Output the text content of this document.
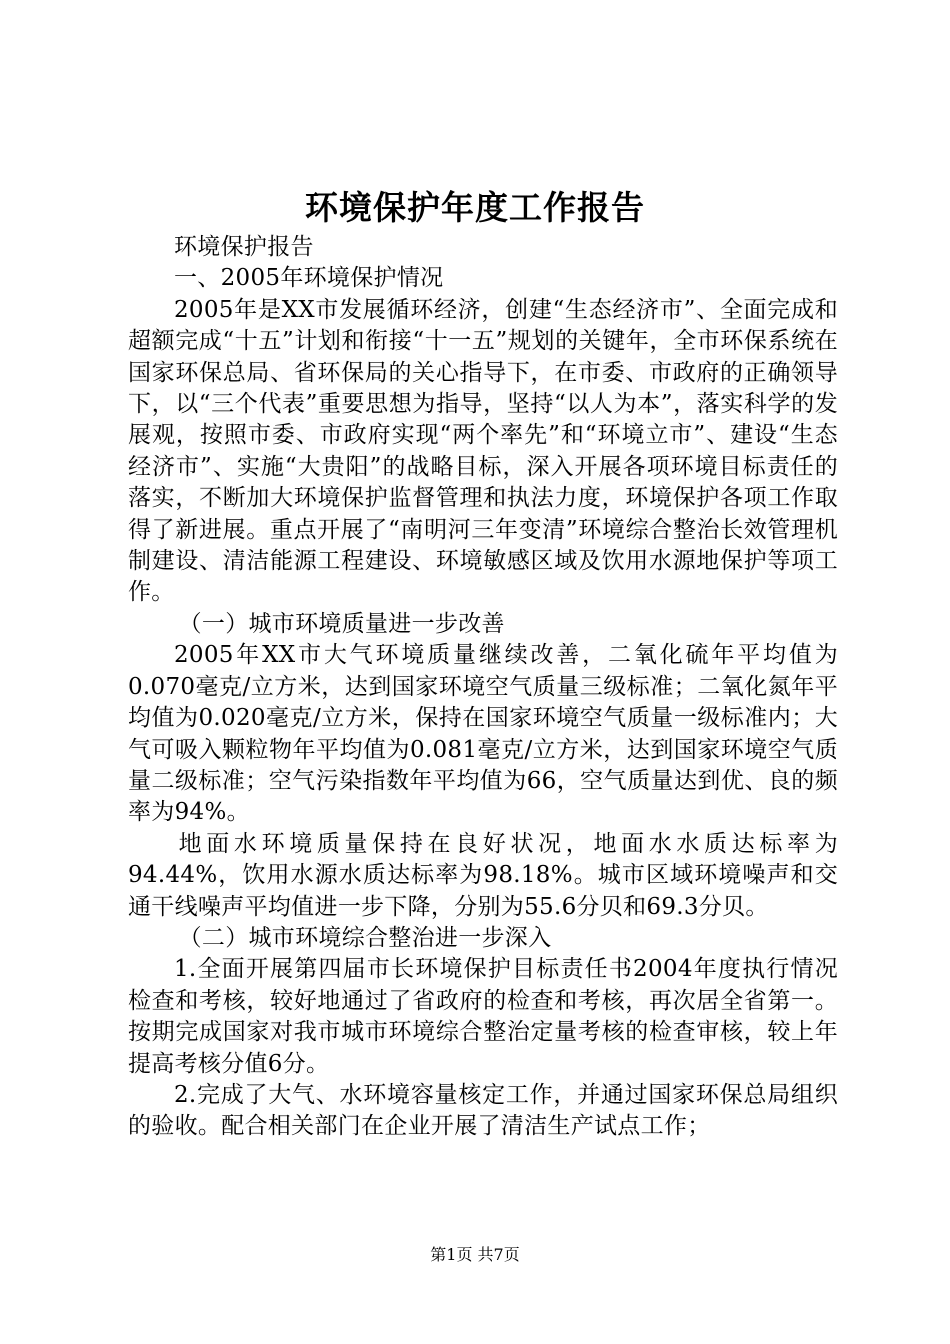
环境保护年度工作报告

环境保护报告

一、2005年环境保护情况

2005年是XX市发展循环经济，创建“生态经济市”、全面完成和超额完成“十五”计划和衔接“十一五”规划的关键年，全市环保系统在国家环保总局、省环保局的关心指导下，在市委、市政府的正确领导下，以“三个代表”重要思想为指导，坚持“以人为本”，落实科学的发展观，按照市委、市政府实现“两个率先”和“环境立市”、建设“生态经济市”、实施“大贵阳”的战略目标，深入开展各项环境目标责任的落实，不断加大环境保护监督管理和执法力度，环境保护各项工作取得了新进展。重点开展了“南明河三年变清”环境综合整治长效管理机制建设、清洁能源工程建设、环境敏感区域及饮用水源地保护等项工作。

（一）城市环境质量进一步改善

2005年XX市大气环境质量继续改善，二氧化硫年平均值为0.070毫克/立方米，达到国家环境空气质量三级标准；二氧化氮年平均值为0.020毫克/立方米，保持在国家环境空气质量一级标准内；大气可吸入颗粒物年平均值为0.081毫克/立方米，达到国家环境空气质量二级标准；空气污染指数年平均值为66，空气质量达到优、良的频率为94%。

地面水环境质量保持在良好状况，地面水水质达标率为94.44%，饮用水源水质达标率为98.18%。城市区域环境噪声和交通干线噪声平均值进一步下降，分别为55.6分贝和69.3分贝。

（二）城市环境综合整治进一步深入

1.全面开展第四届市长环境保护目标责任书2004年度执行情况检查和考核，较好地通过了省政府的检查和考核，再次居全省第一。按期完成国家对我市城市环境综合整治定量考核的检查审核，较上年提高考核分值6分。

2.完成了大气、水环境容量核定工作，并通过国家环保总局组织的验收。配合相关部门在企业开展了清洁生产试点工作；

第1页 共7页
